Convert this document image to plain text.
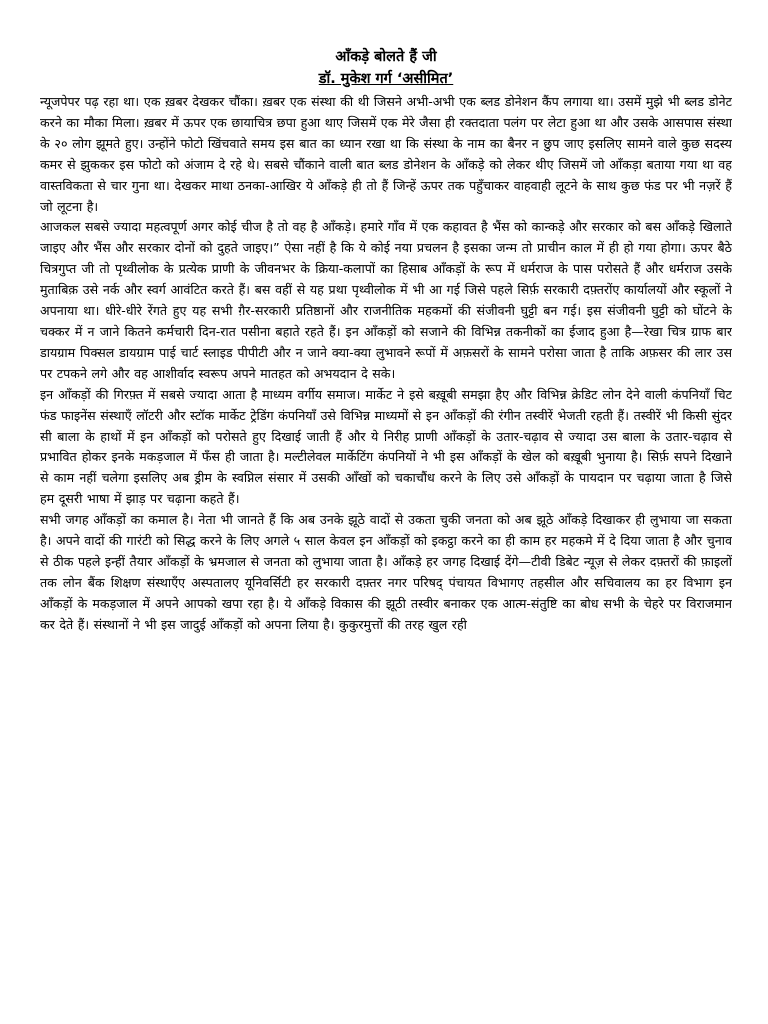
आँकड़े बोलते हैं जी
डॉ. मुकेश गर्ग ‘असीमित’

न्यूजपेपर पढ़ रहा था। एक ख़बर देखकर चौंका। ख़बर एक संस्था की थी जिसने अभी-अभी एक ब्लड डोनेशन कैंप लगाया था। उसमें मुझे भी ब्लड डोनेट करने का मौका मिला। ख़बर में ऊपर एक छायाचित्र छपा हुआ थाए जिसमें एक मेरे जैसा ही रक्तदाता पलंग पर लेटा हुआ था और उसके आसपास संस्था के २० लोग झूमते हुए। उन्होंने फोटो खिंचवाते समय इस बात का ध्यान रखा था कि संस्था के नाम का बैनर न छुप जाए इसलिए सामने वाले कुछ सदस्य कमर से झुककर इस फोटो को अंजाम दे रहे थे। सबसे चौंकाने वाली बात ब्लड डोनेशन के आँकड़े को लेकर थीए जिसमें जो आँकड़ा बताया गया था वह वास्तविकता से चार गुना था। देखकर माथा ठनका-आखिर ये आँकड़े ही तो हैं जिन्हें ऊपर तक पहुँचाकर वाहवाही लूटने के साथ कुछ फंड पर भी नज़रें हैं जो लूटना है।

आजकल सबसे ज्यादा महत्वपूर्ण अगर कोई चीज है तो वह है आँकड़े। हमारे गाँव में एक कहावत है भैंस को कान्कड़े और सरकार को बस आँकड़े खिलाते जाइए और भैंस और सरकार दोनों को दुहते जाइए।” ऐसा नहीं है कि ये कोई नया प्रचलन है इसका जन्म तो प्राचीन काल में ही हो गया होगा। ऊपर बैठे चित्रगुप्त जी तो पृथ्वीलोक के प्रत्येक प्राणी के जीवनभर के क्रिया-कलापों का हिसाब आँकड़ों के रूप में धर्मराज के पास परोसते हैं और धर्मराज उसके मुताबिक़ उसे नर्क और स्वर्ग आवंटित करते हैं। बस वहीं से यह प्रथा पृथ्वीलोक में भी आ गई जिसे पहले सिर्फ़ सरकारी दफ़्तरोंए कार्यालयों और स्कूलों ने अपनाया था। धीरे-धीरे रेंगते हुए यह सभी ग़ैर-सरकारी प्रतिष्ठानों और राजनीतिक महकमों की संजीवनी घुट्टी बन गई। इस संजीवनी घुट्टी को घोंटने के चक्कर में न जाने कितने कर्मचारी दिन-रात पसीना बहाते रहते हैं। इन आँकड़ों को सजाने की विभिन्न तकनीकों का ईजाद हुआ है—रेखा चित्र ग्राफ बार डायग्राम पिक्सल डायग्राम पाई चार्ट स्लाइड पीपीटी और न जाने क्या-क्या लुभावने रूपों में अफ़सरों के सामने परोसा जाता है ताकि अफ़सर की लार उस पर टपकने लगे और वह आशीर्वाद स्वरूप अपने मातहत को अभयदान दे सके।

इन आँकड़ों की गिरफ़्त में सबसे ज्यादा आता है माध्यम वर्गीय समाज। मार्केट ने इसे बख़ूबी समझा हैए और विभिन्न क्रेडिट लोन देने वाली कंपनियाँ चिट फंड फाइनेंस संस्थाएँ लॉटरी और स्टॉक मार्केट ट्रेडिंग कंपनियाँ उसे विभिन्न माध्यमों से इन आँकड़ों की रंगीन तस्वीरें भेजती रहती हैं। तस्वीरें भी किसी सुंदर सी बाला के हाथों में इन आँकड़ों को परोसते हुए दिखाई जाती हैं और ये निरीह प्राणी आँकड़ों के उतार-चढ़ाव से ज्यादा उस बाला के उतार-चढ़ाव से प्रभावित होकर इनके मकड़जाल में फँस ही जाता है। मल्टीलेवल मार्केटिंग कंपनियों ने भी इस आँकड़ों के खेल को बख़ूबी भुनाया है। सिर्फ़ सपने दिखाने से काम नहीं चलेगा इसलिए अब ड्रीम के स्वप्निल संसार में उसकी आँखों को चकाचौंध करने के लिए उसे आँकड़ों के पायदान पर चढ़ाया जाता है जिसे हम दूसरी भाषा में झाड़ पर चढ़ाना कहते हैं।

सभी जगह आँकड़ों का कमाल है। नेता भी जानते हैं कि अब उनके झूठे वादों से उकता चुकी जनता को अब झूठे आँकड़े दिखाकर ही लुभाया जा सकता है। अपने वादों की गारंटी को सिद्ध करने के लिए अगले ५ साल केवल इन आँकड़ों को इकट्ठा करने का ही काम हर महकमे में दे दिया जाता है और चुनाव से ठीक पहले इन्हीं तैयार आँकड़ों के भ्रमजाल से जनता को लुभाया जाता है। आँकड़े हर जगह दिखाई देंगे—टीवी डिबेट न्यूज़ से लेकर दफ़्तरों की फ़ाइलों तक लोन बैंक शिक्षण संस्थाएँए अस्पतालए यूनिवर्सिटी हर सरकारी दफ़्तर नगर परिषद् पंचायत विभागए तहसील और सचिवालय का हर विभाग इन आँकड़ों के मकड़जाल में अपने आपको खपा रहा है। ये आँकड़े विकास की झूठी तस्वीर बनाकर एक आत्म-संतुष्टि का बोध सभी के चेहरे पर विराजमान कर देते हैं। संस्थानों ने भी इस जादुई आँकड़ों को अपना लिया है। कुकुरमुत्तों की तरह खुल रही
